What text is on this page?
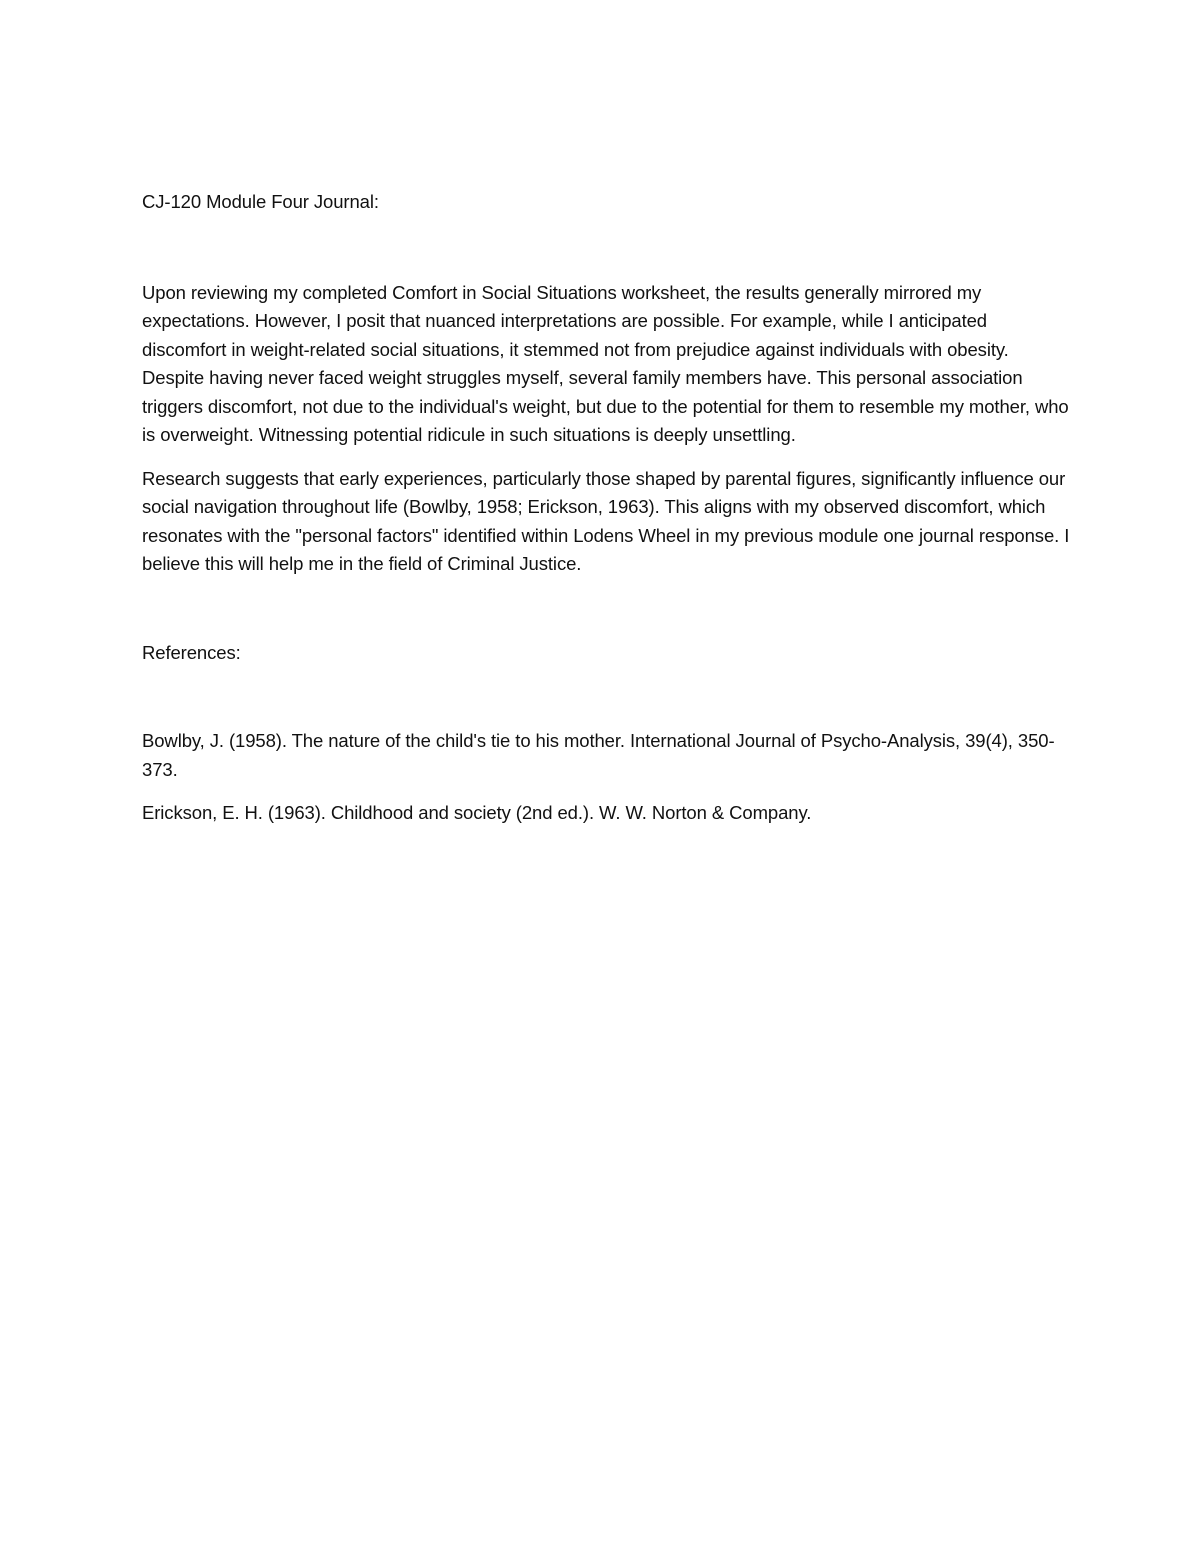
CJ-120 Module Four Journal:

Upon reviewing my completed Comfort in Social Situations worksheet, the results generally mirrored my expectations. However, I posit that nuanced interpretations are possible. For example, while I anticipated discomfort in weight-related social situations, it stemmed not from prejudice against individuals with obesity. Despite having never faced weight struggles myself, several family members have. This personal association triggers discomfort, not due to the individual's weight, but due to the potential for them to resemble my mother, who is overweight. Witnessing potential ridicule in such situations is deeply unsettling.

Research suggests that early experiences, particularly those shaped by parental figures, significantly influence our social navigation throughout life (Bowlby, 1958; Erickson, 1963). This aligns with my observed discomfort, which resonates with the "personal factors" identified within Lodens Wheel in my previous module one journal response. I believe this will help me in the field of Criminal Justice.

References:

Bowlby, J. (1958). The nature of the child's tie to his mother. International Journal of Psycho-Analysis, 39(4), 350-373.

Erickson, E. H. (1963). Childhood and society (2nd ed.). W. W. Norton & Company.
